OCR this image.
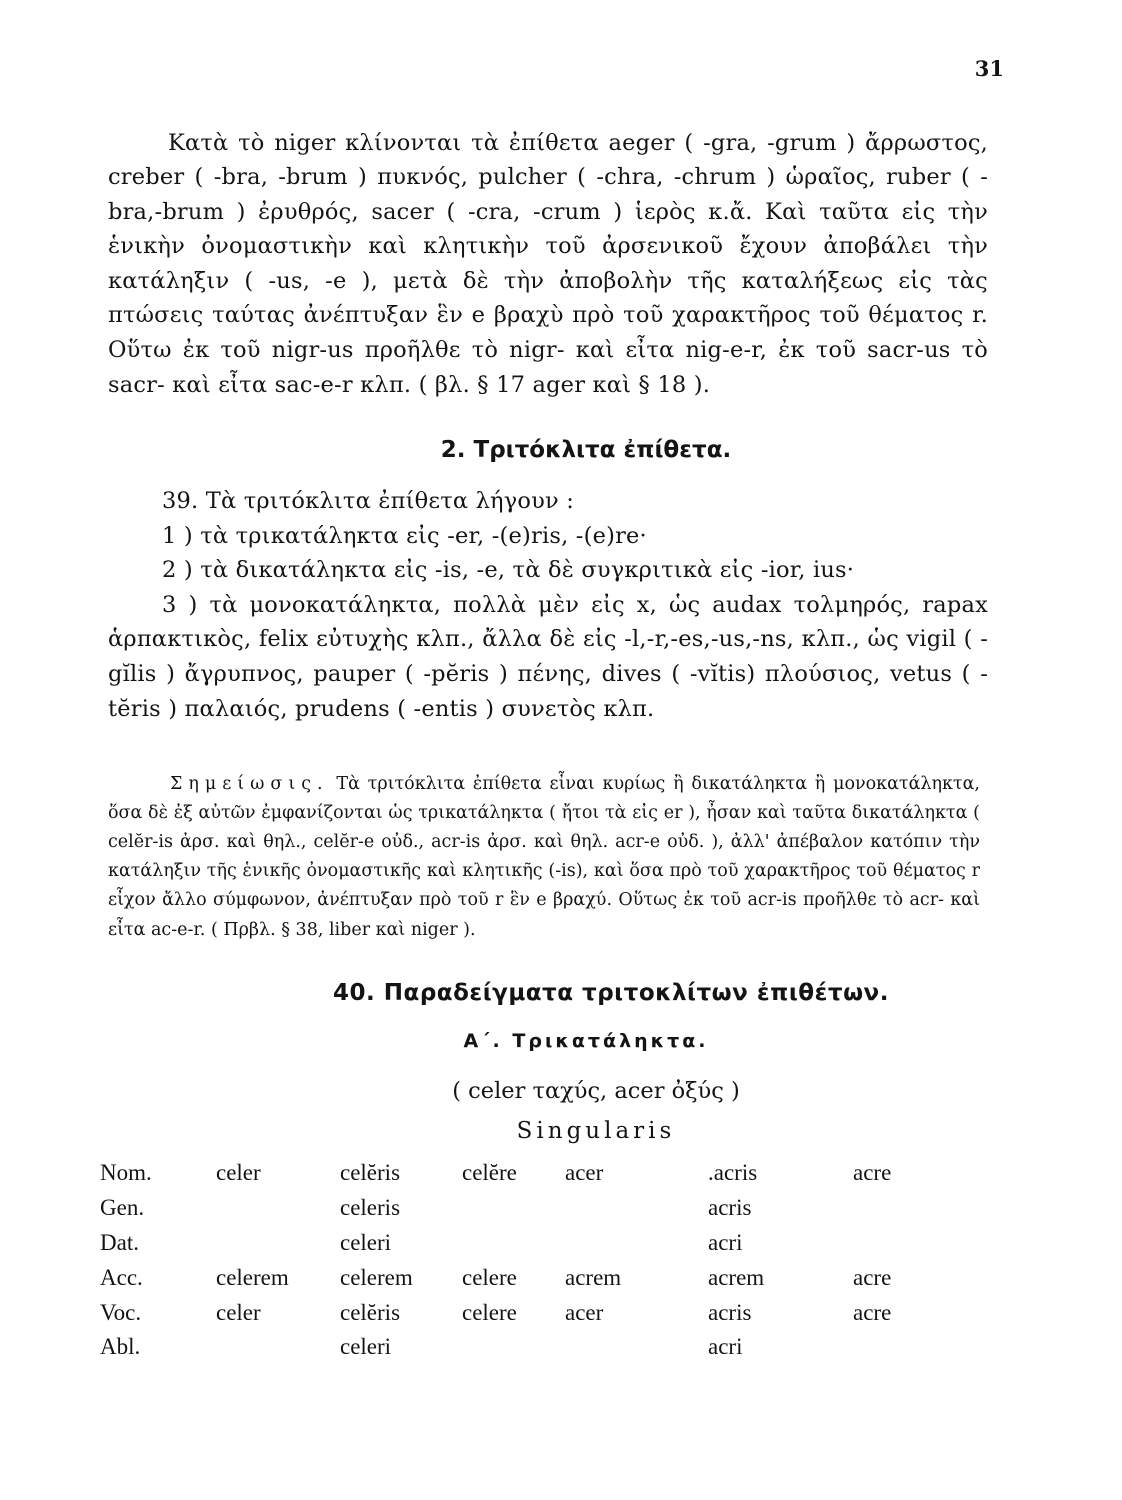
31

Κατὰ τὸ niger κλίνονται τὰ ἐπίθετα aeger ( -gra, -grum ) ἄρρωστος, creber ( -bra, -brum ) πυκνός, pulcher ( -chra, -chrum ) ὡραῖος, ruber ( -bra,-brum ) ἐρυθρός, sacer ( -cra, -crum ) ἱερὸς κ.ἄ. Καὶ ταῦτα εἰς τὴν ἑνικὴν ὀνομαστικὴν καὶ κλητικὴν τοῦ ἀρσενικοῦ ἔχουν ἀποβάλει τὴν κατάληξιν ( -us, -e ), μετὰ δὲ τὴν ἀποβολὴν τῆς καταλήξεως εἰς τὰς πτώσεις ταύτας ἀνέπτυξαν ἓν e βραχὺ πρὸ τοῦ χαρακτῆρος τοῦ θέματος r. Οὕτω ἐκ τοῦ nigr-us προῆλθε τὸ nigr- καὶ εἶτα nig-e-r, ἐκ τοῦ sacr-us τὸ sacr- καὶ εἶτα sac-e-r κλπ. ( βλ. § 17 ager καὶ § 18 ).

2. Τριτόκλιτα ἐπίθετα.
39. Τὰ τριτόκλιτα ἐπίθετα λήγουν :
1 ) τὰ τρικατάληκτα εἰς -er, -(e)ris, -(e)re·
2 ) τὰ δικατάληκτα εἰς -is, -e, τὰ δὲ συγκριτικὰ εἰς -ior, ius·
3 ) τὰ μονοκατάληκτα, πολλὰ μὲν εἰς x, ὡς audax τολμηρός, rapax ἁρπακτικὸς, felix εὐτυχὴς κλπ., ἄλλα δὲ εἰς -l,-r,-es,-us,-ns, κλπ., ὡς vigil ( -gĭlis ) ἄγρυπνος, pauper ( -pĕris ) πένης, dives ( -vĭtis) πλούσιος, vetus ( -tĕris ) παλαιός, prudens ( -entis ) συνετὸς κλπ.

Σημείωσις. Τὰ τριτόκλιτα ἐπίθετα εἶναι κυρίως ἢ δικατάληκτα ἢ μονοκατάληκτα, ὅσα δὲ ἐξ αὐτῶν ἐμφανίζονται ὡς τρικατάληκτα ( ἤτοι τὰ εἰς er ), ἦσαν καὶ ταῦτα δικατάληκτα ( celĕr-is ἀρσ. καὶ θηλ., celĕr-e οὐδ., acr-is ἀρσ. καὶ θηλ. acr-e οὐδ. ), ἀλλ' ἀπέβαλον κατόπιν τὴν κατάληξιν τῆς ἑνικῆς ὀνομαστικῆς καὶ κλητικῆς (-is), καὶ ὅσα πρὸ τοῦ χαρακτῆρος τοῦ θέματος r εἶχον ἄλλο σύμφωνον, ἀνέπτυξαν πρὸ τοῦ r ἓν e βραχύ. Οὕτως ἐκ τοῦ acr-is προῆλθε τὸ acr- καὶ εἶτα ac-e-r. ( Πρβλ. § 38, liber καὶ niger ).

40. Παραδείγματα τριτοκλίτων ἐπιθέτων.
Α΄. Τρικατάληκτα.
( celer ταχύς, acer ὀξύς )
Singularis
Nom.	celer	celĕris	celĕre	acer	.acris	acre
Gen.		celeris			acris	
Dat.		celeri			acri	
Acc.	celerem	celerem	celere	acrem	acrem	acre
Voc.	celer	celĕris	celere	acer	acris	acre
Abl.		celeri			acri	
